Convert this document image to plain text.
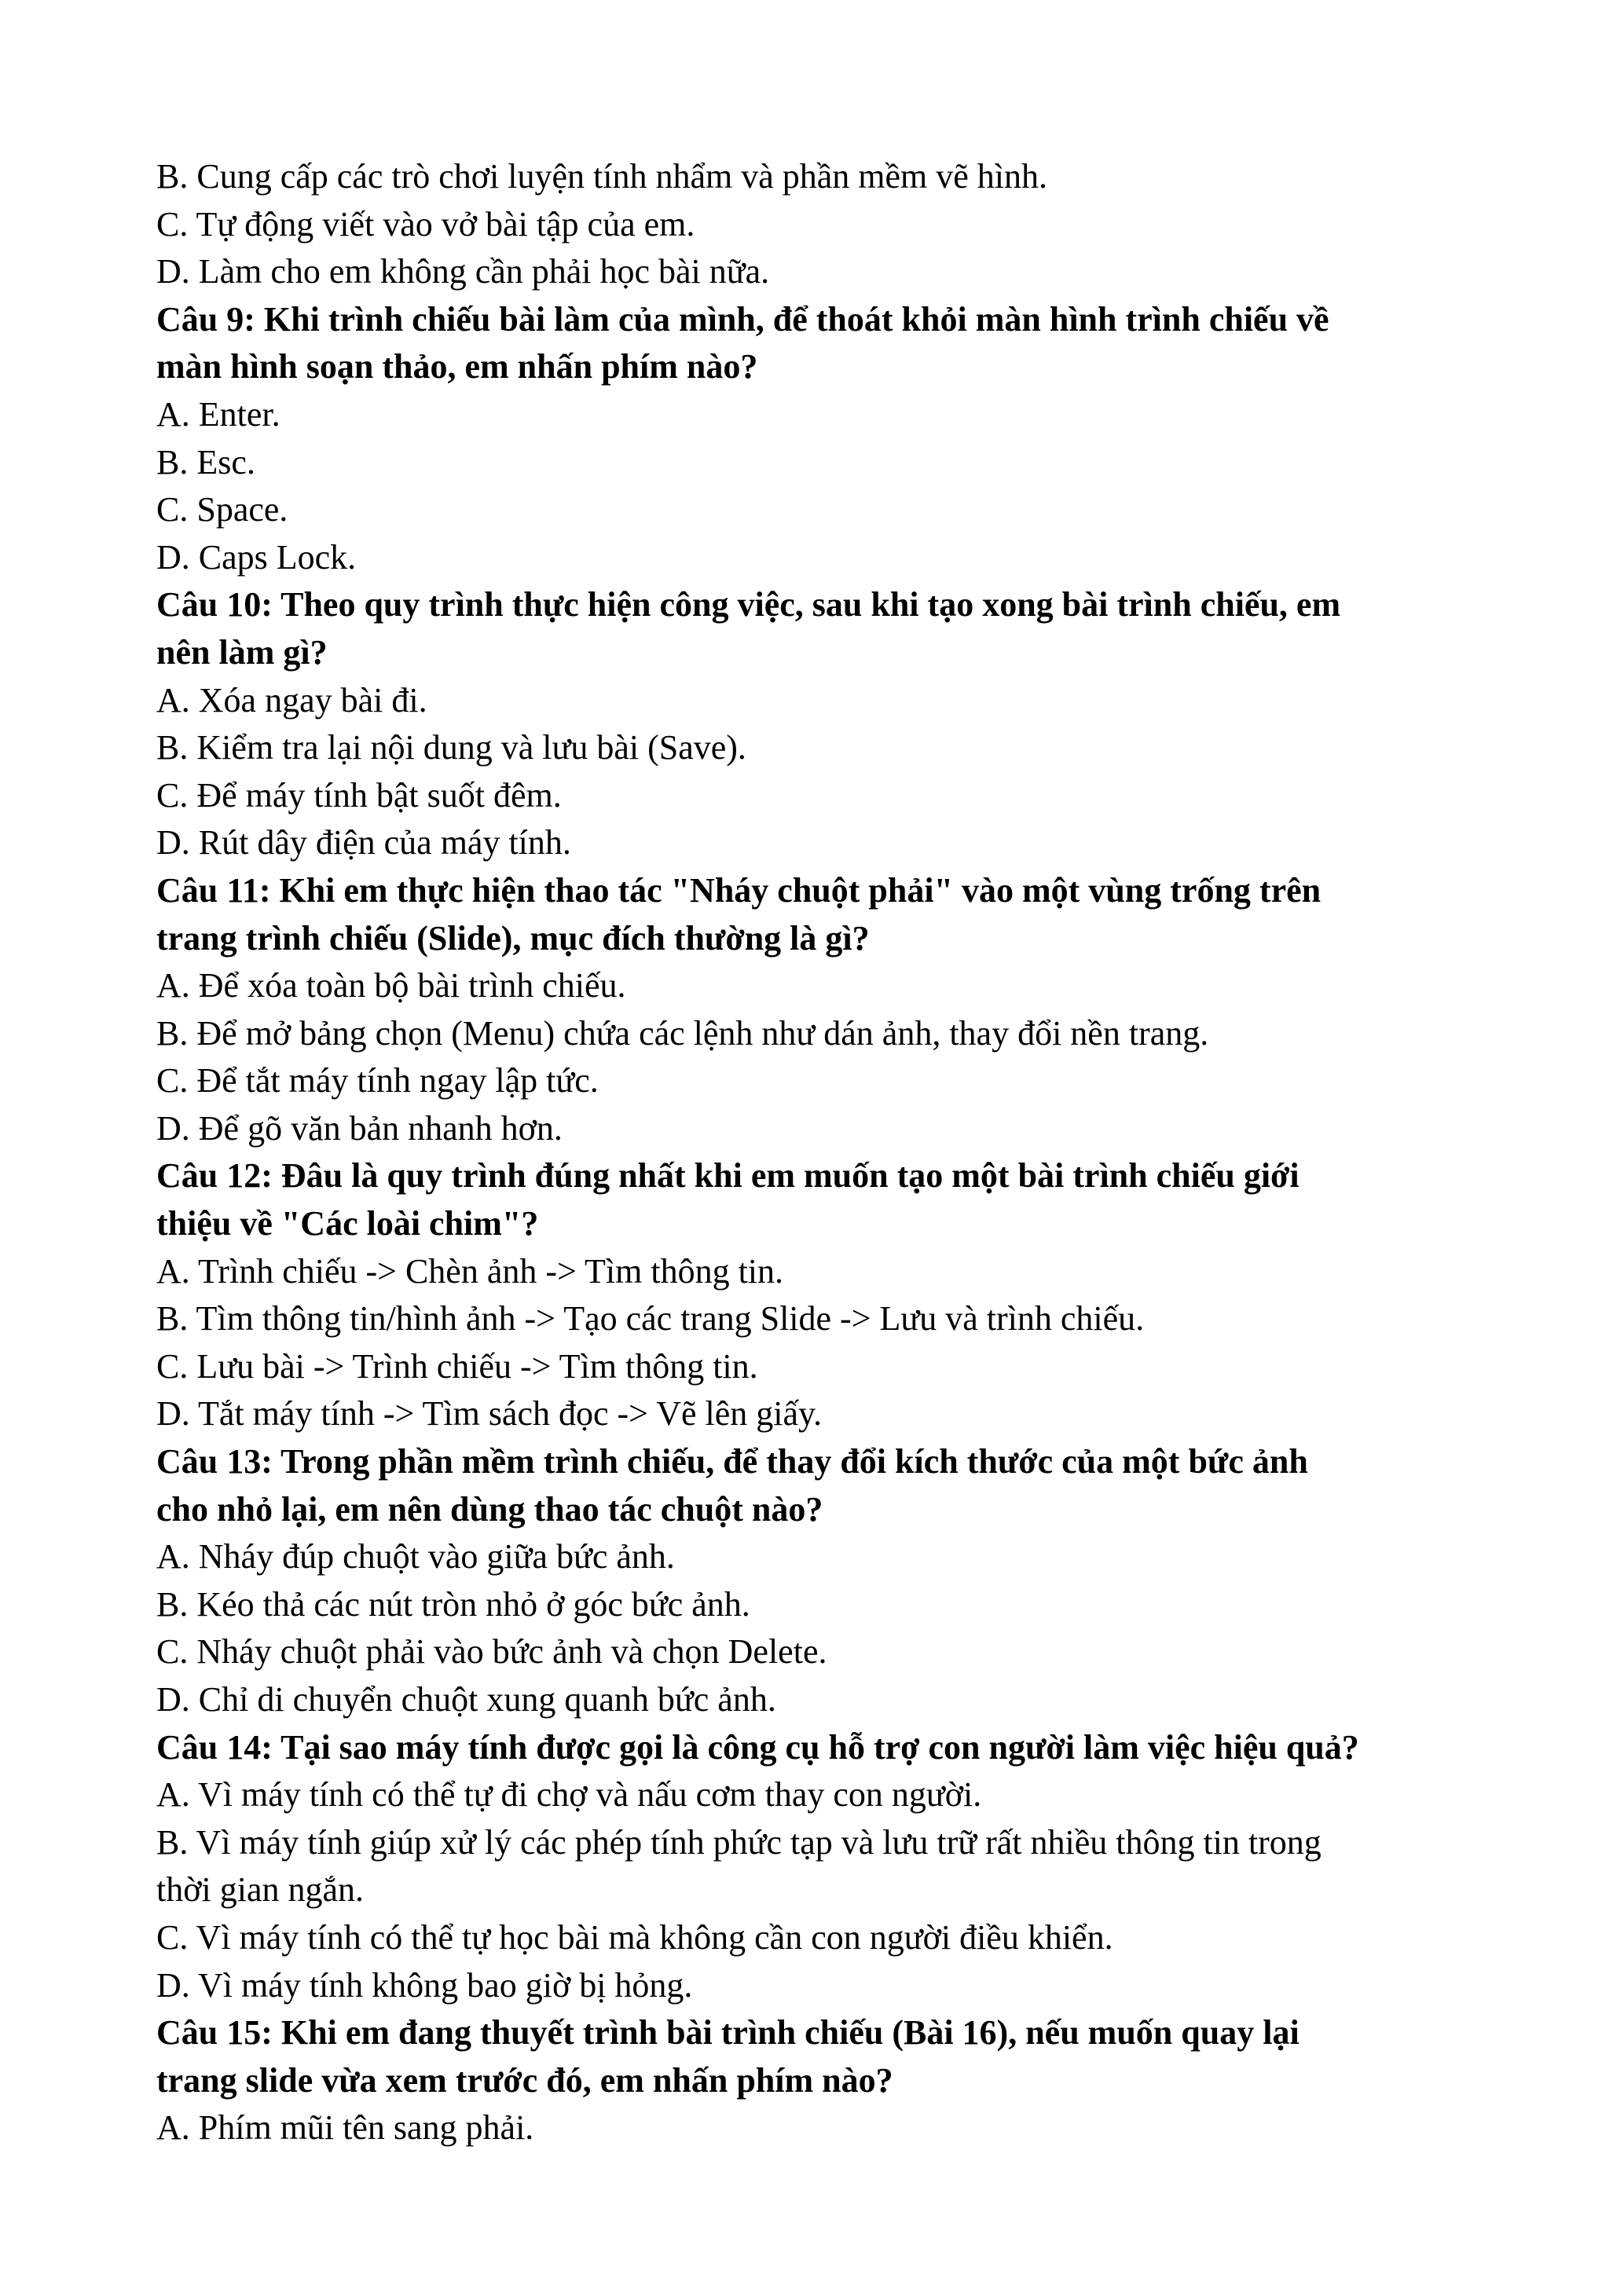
B. Cung cấp các trò chơi luyện tính nhẩm và phần mềm vẽ hình.
C. Tự động viết vào vở bài tập của em.
D. Làm cho em không cần phải học bài nữa.
Câu 9: Khi trình chiếu bài làm của mình, để thoát khỏi màn hình trình chiếu về
màn hình soạn thảo, em nhấn phím nào?
A. Enter.
B. Esc.
C. Space.
D. Caps Lock.
Câu 10: Theo quy trình thực hiện công việc, sau khi tạo xong bài trình chiếu, em
nên làm gì?
A. Xóa ngay bài đi.
B. Kiểm tra lại nội dung và lưu bài (Save).
C. Để máy tính bật suốt đêm.
D. Rút dây điện của máy tính.
Câu 11: Khi em thực hiện thao tác "Nháy chuột phải" vào một vùng trống trên
trang trình chiếu (Slide), mục đích thường là gì?
A. Để xóa toàn bộ bài trình chiếu.
B. Để mở bảng chọn (Menu) chứa các lệnh như dán ảnh, thay đổi nền trang.
C. Để tắt máy tính ngay lập tức.
D. Để gõ văn bản nhanh hơn.
Câu 12: Đâu là quy trình đúng nhất khi em muốn tạo một bài trình chiếu giới
thiệu về "Các loài chim"?
A. Trình chiếu -> Chèn ảnh -> Tìm thông tin.
B. Tìm thông tin/hình ảnh -> Tạo các trang Slide -> Lưu và trình chiếu.
C. Lưu bài -> Trình chiếu -> Tìm thông tin.
D. Tắt máy tính -> Tìm sách đọc -> Vẽ lên giấy.
Câu 13: Trong phần mềm trình chiếu, để thay đổi kích thước của một bức ảnh
cho nhỏ lại, em nên dùng thao tác chuột nào?
A. Nháy đúp chuột vào giữa bức ảnh.
B. Kéo thả các nút tròn nhỏ ở góc bức ảnh.
C. Nháy chuột phải vào bức ảnh và chọn Delete.
D. Chỉ di chuyển chuột xung quanh bức ảnh.
Câu 14: Tại sao máy tính được gọi là công cụ hỗ trợ con người làm việc hiệu quả?
A. Vì máy tính có thể tự đi chợ và nấu cơm thay con người.
B. Vì máy tính giúp xử lý các phép tính phức tạp và lưu trữ rất nhiều thông tin trong
thời gian ngắn.
C. Vì máy tính có thể tự học bài mà không cần con người điều khiển.
D. Vì máy tính không bao giờ bị hỏng.
Câu 15: Khi em đang thuyết trình bài trình chiếu (Bài 16), nếu muốn quay lại
trang slide vừa xem trước đó, em nhấn phím nào?
A. Phím mũi tên sang phải.
